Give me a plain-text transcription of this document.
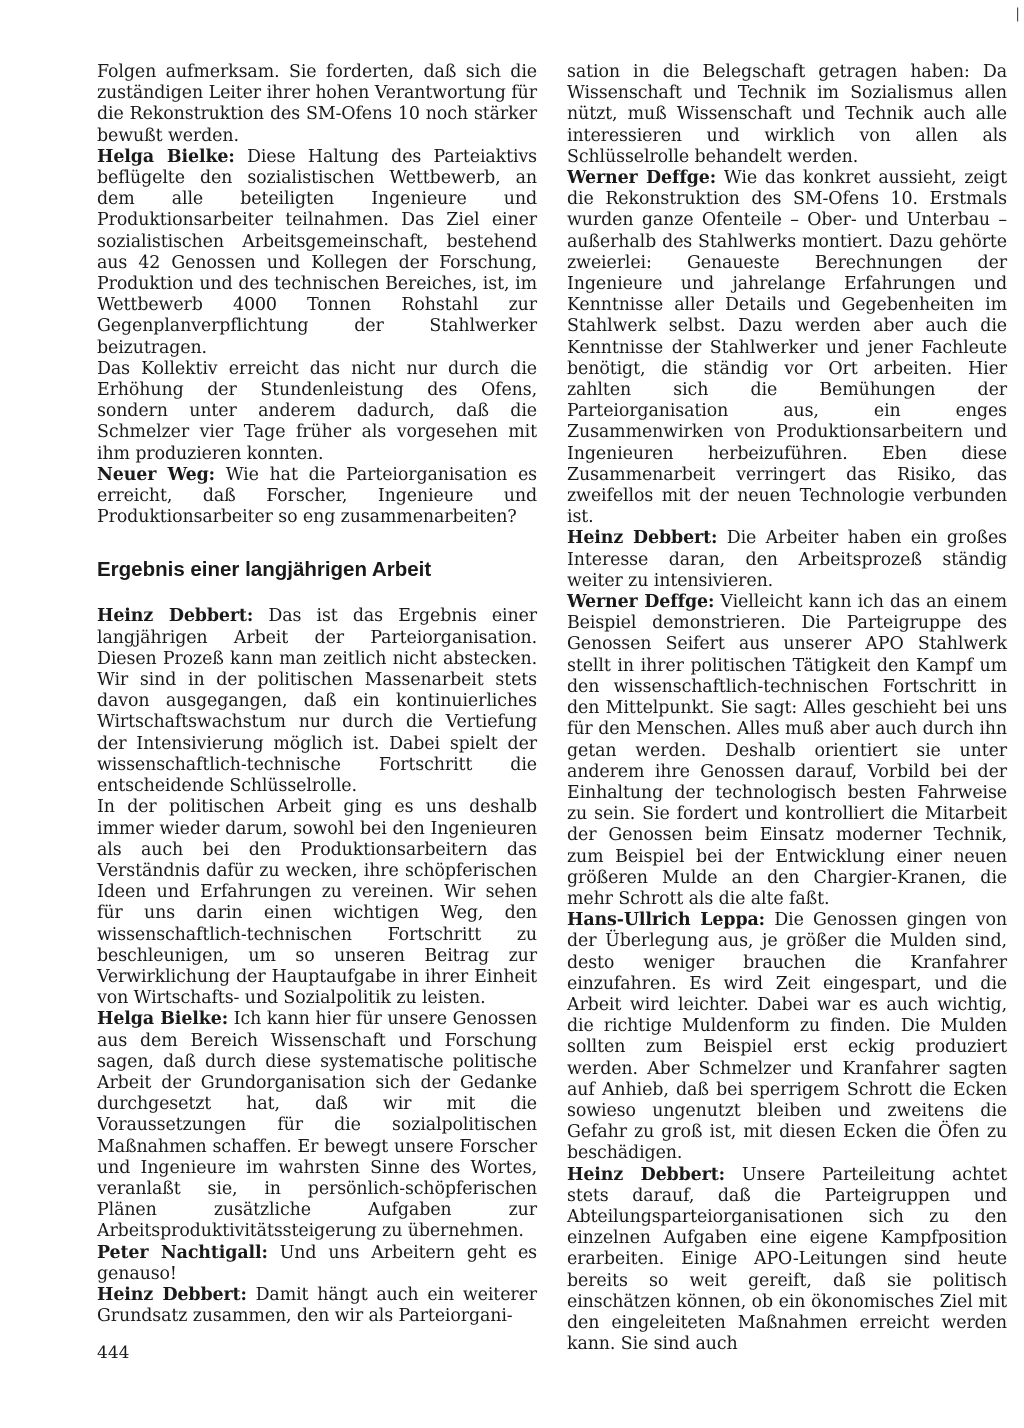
|

Folgen aufmerksam. Sie forderten, daß sich die zuständigen Leiter ihrer hohen Verantwortung für die Rekonstruktion des SM-Ofens 10 noch stärker bewußt werden.

Helga Bielke: Diese Haltung des Parteiaktivs beflügelte den sozialistischen Wettbewerb, an dem alle beteiligten Ingenieure und Produktionsarbeiter teilnahmen. Das Ziel einer sozialistischen Arbeitsgemeinschaft, bestehend aus 42 Genossen und Kollegen der Forschung, Produktion und des technischen Bereiches, ist, im Wettbewerb 4000 Tonnen Rohstahl zur Gegenplanverpflichtung der Stahlwerker beizutragen.

Das Kollektiv erreicht das nicht nur durch die Erhöhung der Stundenleistung des Ofens, sondern unter anderem dadurch, daß die Schmelzer vier Tage früher als vorgesehen mit ihm produzieren konnten.

Neuer Weg: Wie hat die Parteiorganisation es erreicht, daß Forscher, Ingenieure und Produktionsarbeiter so eng zusammenarbeiten?

Ergebnis einer langjährigen Arbeit

Heinz Debbert: Das ist das Ergebnis einer langjährigen Arbeit der Parteiorganisation. Diesen Prozeß kann man zeitlich nicht abstecken. Wir sind in der politischen Massenarbeit stets davon ausgegangen, daß ein kontinuierliches Wirtschaftswachstum nur durch die Vertiefung der Intensivierung möglich ist. Dabei spielt der wissenschaftlich-technische Fortschritt die entscheidende Schlüsselrolle.

In der politischen Arbeit ging es uns deshalb immer wieder darum, sowohl bei den Ingenieuren als auch bei den Produktionsarbeitern das Verständnis dafür zu wecken, ihre schöpferischen Ideen und Erfahrungen zu vereinen. Wir sehen für uns darin einen wichtigen Weg, den wissenschaftlich-technischen Fortschritt zu beschleunigen, um so unseren Beitrag zur Verwirklichung der Hauptaufgabe in ihrer Einheit von Wirtschafts- und Sozialpolitik zu leisten.

Helga Bielke: Ich kann hier für unsere Genossen aus dem Bereich Wissenschaft und Forschung sagen, daß durch diese systematische politische Arbeit der Grundorganisation sich der Gedanke durchgesetzt hat, daß wir mit die Voraussetzungen für die sozialpolitischen Maßnahmen schaffen. Er bewegt unsere Forscher und Ingenieure im wahrsten Sinne des Wortes, veranlaßt sie, in persönlich-schöpferischen Plänen zusätzliche Aufgaben zur Arbeitsproduktivitätssteigerung zu übernehmen.

Peter Nachtigall: Und uns Arbeitern geht es genauso!

Heinz Debbert: Damit hängt auch ein weiterer Grundsatz zusammen, den wir als Parteiorgani-

sation in die Belegschaft getragen haben: Da Wissenschaft und Technik im Sozialismus allen nützt, muß Wissenschaft und Technik auch alle interessieren und wirklich von allen als Schlüsselrolle behandelt werden.

Werner Deffge: Wie das konkret aussieht, zeigt die Rekonstruktion des SM-Ofens 10. Erstmals wurden ganze Ofenteile – Ober- und Unterbau – außerhalb des Stahlwerks montiert. Dazu gehörte zweierlei: Genaueste Berechnungen der Ingenieure und jahrelange Erfahrungen und Kenntnisse aller Details und Gegebenheiten im Stahlwerk selbst. Dazu werden aber auch die Kenntnisse der Stahlwerker und jener Fachleute benötigt, die ständig vor Ort arbeiten. Hier zahlten sich die Bemühungen der Parteiorganisation aus, ein enges Zusammenwirken von Produktionsarbeitern und Ingenieuren herbeizuführen. Eben diese Zusammenarbeit verringert das Risiko, das zweifellos mit der neuen Technologie verbunden ist.

Heinz Debbert: Die Arbeiter haben ein großes Interesse daran, den Arbeitsprozeß ständig weiter zu intensivieren.

Werner Deffge: Vielleicht kann ich das an einem Beispiel demonstrieren. Die Parteigruppe des Genossen Seifert aus unserer APO Stahlwerk stellt in ihrer politischen Tätigkeit den Kampf um den wissenschaftlich-technischen Fortschritt in den Mittelpunkt. Sie sagt: Alles geschieht bei uns für den Menschen. Alles muß aber auch durch ihn getan werden. Deshalb orientiert sie unter anderem ihre Genossen darauf, Vorbild bei der Einhaltung der technologisch besten Fahrweise zu sein. Sie fordert und kontrolliert die Mitarbeit der Genossen beim Einsatz moderner Technik, zum Beispiel bei der Entwicklung einer neuen größeren Mulde an den Chargier-Kranen, die mehr Schrott als die alte faßt.

Hans-Ullrich Leppa: Die Genossen gingen von der Überlegung aus, je größer die Mulden sind, desto weniger brauchen die Kranfahrer einzufahren. Es wird Zeit eingespart, und die Arbeit wird leichter. Dabei war es auch wichtig, die richtige Muldenform zu finden. Die Mulden sollten zum Beispiel erst eckig produziert werden. Aber Schmelzer und Kranfahrer sagten auf Anhieb, daß bei sperrigem Schrott die Ecken sowieso ungenutzt bleiben und zweitens die Gefahr zu groß ist, mit diesen Ecken die Öfen zu beschädigen.

Heinz Debbert: Unsere Parteileitung achtet stets darauf, daß die Parteigruppen und Abteilungsparteiorganisationen sich zu den einzelnen Aufgaben eine eigene Kampfposition erarbeiten. Einige APO-Leitungen sind heute bereits so weit gereift, daß sie politisch einschätzen können, ob ein ökonomisches Ziel mit den eingeleiteten Maßnahmen erreicht werden kann. Sie sind auch

444
